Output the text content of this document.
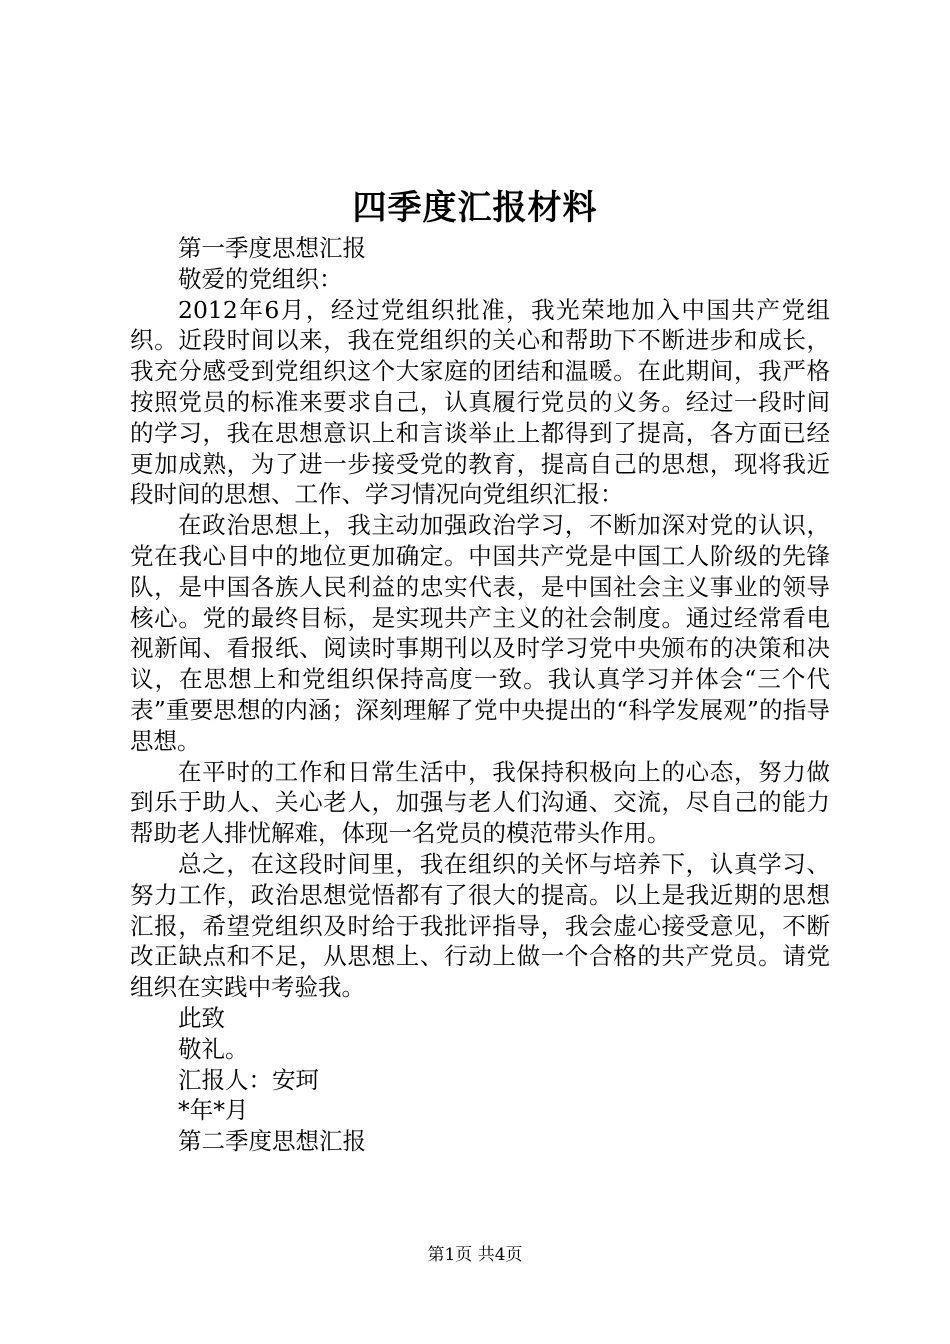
四季度汇报材料
第一季度思想汇报
敬爱的党组织：

2012年6月，经过党组织批准，我光荣地加入中国共产党组织。近段时间以来，我在党组织的关心和帮助下不断进步和成长，我充分感受到党组织这个大家庭的团结和温暖。在此期间，我严格按照党员的标准来要求自己，认真履行党员的义务。经过一段时间的学习，我在思想意识上和言谈举止上都得到了提高，各方面已经更加成熟，为了进一步接受党的教育，提高自己的思想，现将我近段时间的思想、工作、学习情况向党组织汇报：

在政治思想上，我主动加强政治学习，不断加深对党的认识，党在我心目中的地位更加确定。中国共产党是中国工人阶级的先锋队，是中国各族人民利益的忠实代表，是中国社会主义事业的领导核心。党的最终目标，是实现共产主义的社会制度。通过经常看电视新闻、看报纸、阅读时事期刊以及时学习党中央颁布的决策和决议，在思想上和党组织保持高度一致。我认真学习并体会“三个代表”重要思想的内涵；深刻理解了党中央提出的“科学发展观”的指导思想。

在平时的工作和日常生活中，我保持积极向上的心态，努力做到乐于助人、关心老人，加强与老人们沟通、交流，尽自己的能力帮助老人排忧解难，体现一名党员的模范带头作用。

总之，在这段时间里，我在组织的关怀与培养下，认真学习、努力工作，政治思想觉悟都有了很大的提高。以上是我近期的思想汇报，希望党组织及时给于我批评指导，我会虚心接受意见，不断改正缺点和不足，从思想上、行动上做一个合格的共产党员。请党组织在实践中考验我。

此致
敬礼。
汇报人：安珂
*年*月
第二季度思想汇报
第1页 共4页
